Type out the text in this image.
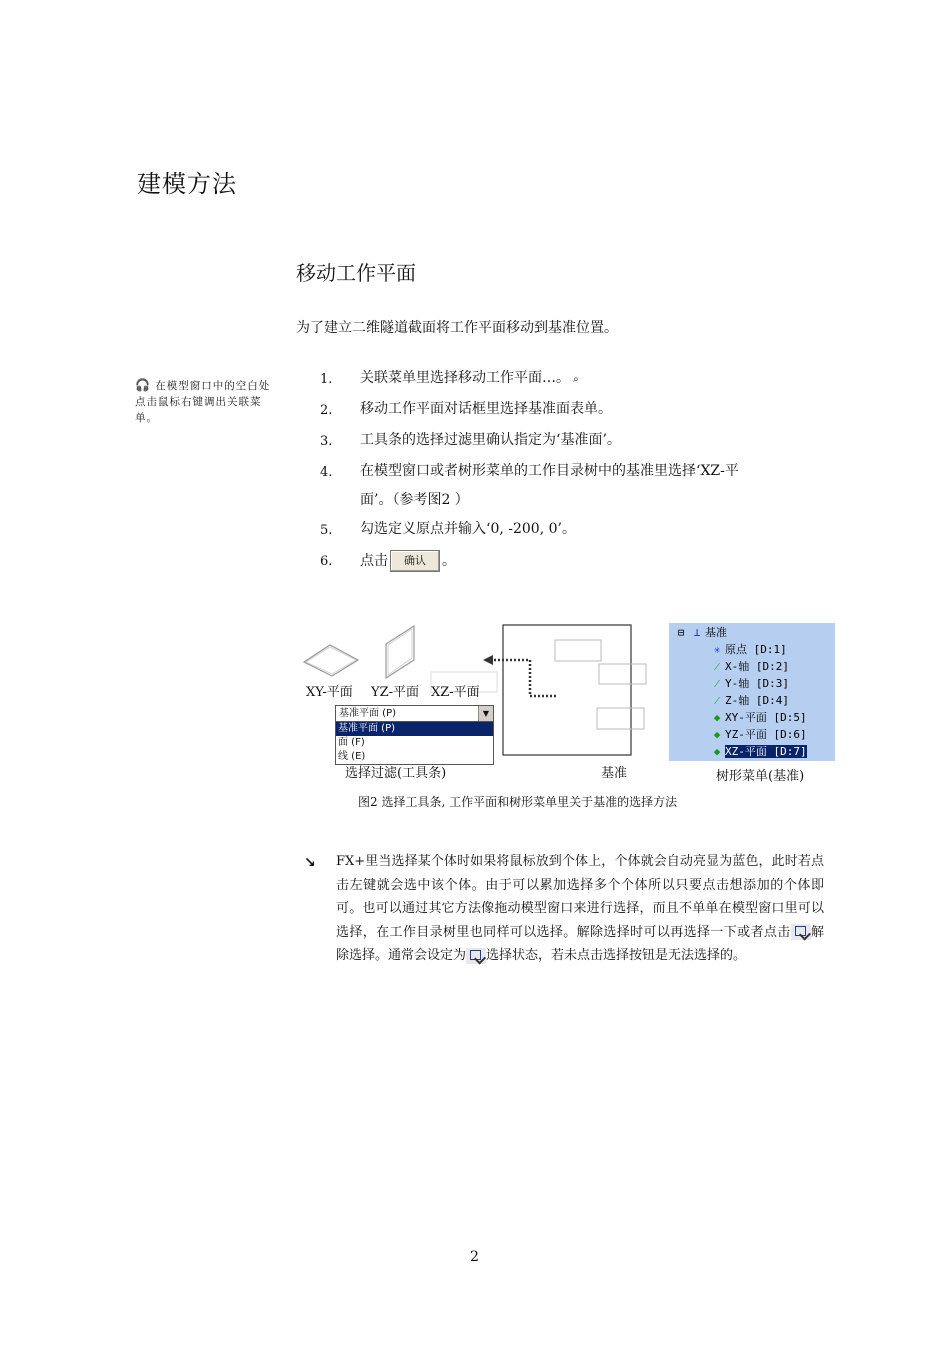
建模方法
移动工作平面
为了建立二维隧道截面将工作平面移动到基准位置。
🎧 在模型窗口中的空白处点击鼠标右键调出关联菜单。
1.	关联菜单里选择移动工作平面…。 ⌕
2.	移动工作平面对话框里选择基准面表单。
3.	工具条的选择过滤里确认指定为‘基准面’。
4.	在模型窗口或者树形菜单的工作目录树中的基准里选择‘XZ-平
面’。（参考图2 ）
5.	勾选定义原点并输入‘0, -200, 0’。
6.	点击 确认 。
XY-平面 YZ-平面 XZ-平面
基准平面 (P)	▼
基准平面 (P)
面 (F)
线 (E)
选择过滤(工具条)	基准	树形菜单(基准)
⊟ ⊥ 基准
✳ 原点 [D:1]
⁄ X-轴 [D:2]
⁄ Y-轴 [D:3]
⁄ Z-轴 [D:4]
◆ XY-平面 [D:5]
◆ YZ-平面 [D:6]
◆ XZ-平面 [D:7]
图2 选择工具条, 工作平面和树形菜单里关于基准的选择方法
↘ FX+里当选择某个体时如果将鼠标放到个体上，个体就会自动亮显为蓝色，此时若点击左键就会选中该个体。由于可以累加选择多个个体所以只要点击想添加的个体即可。也可以通过其它方法像拖动模型窗口来进行选择，而且不单单在模型窗口里可以选择，在工作目录树里也同样可以选择。解除选择时可以再选择一下或者点击 解除选择。通常会设定为 选择状态，若未点击选择按钮是无法选择的。
2
